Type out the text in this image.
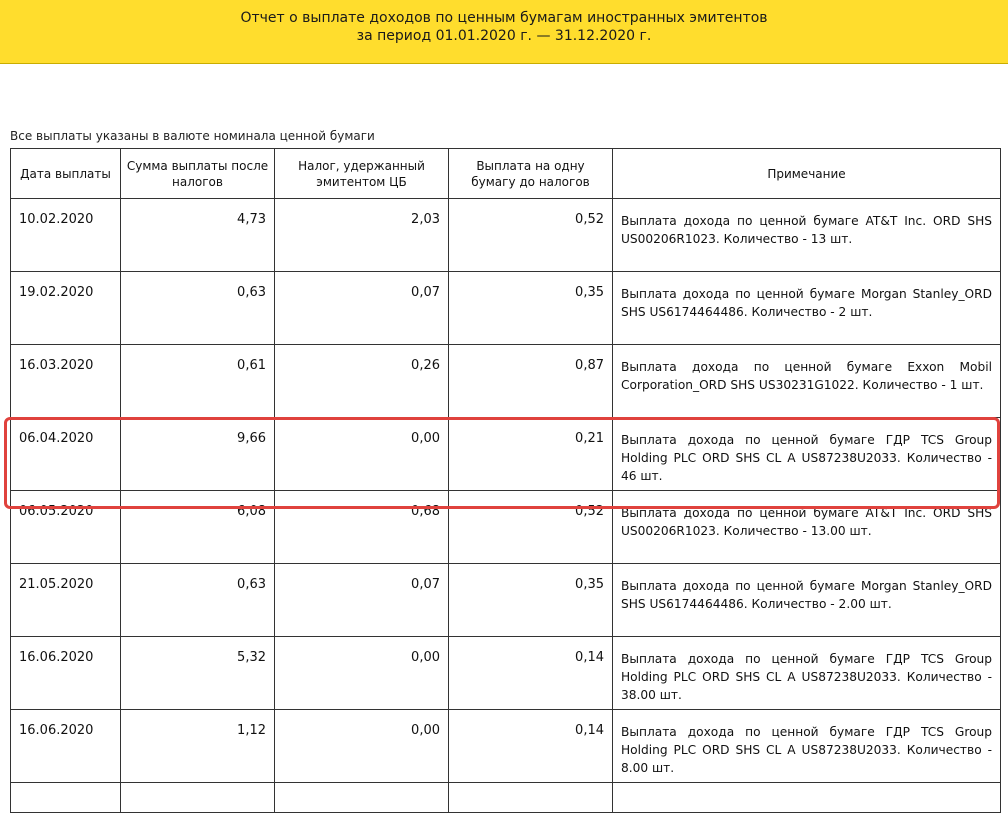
Отчет о выплате доходов по ценным бумагам иностранных эмитентов
за период 01.01.2020 г. — 31.12.2020 г.
Все выплаты указаны в валюте номинала ценной бумаги
Дата выплаты	Сумма выплаты после налогов	Налог, удержанный эмитентом ЦБ	Выплата на одну бумагу до налогов	Примечание
10.02.2020	4,73	2,03	0,52	Выплата дохода по ценной бумаге AT&T Inc. ORD SHS US00206R1023. Количество - 13 шт.
19.02.2020	0,63	0,07	0,35	Выплата дохода по ценной бумаге Morgan Stanley_ORD SHS US6174464486. Количество - 2 шт.
16.03.2020	0,61	0,26	0,87	Выплата дохода по ценной бумаге Exxon Mobil Corporation_ORD SHS US30231G1022. Количество - 1 шт.
06.04.2020	9,66	0,00	0,21	Выплата дохода по ценной бумаге ГДР TCS Group Holding PLC ORD SHS CL A US87238U2033. Количество - 46 шт.
06.05.2020	6,08	0,68	0,52	Выплата дохода по ценной бумаге AT&T Inc. ORD SHS US00206R1023. Количество - 13.00 шт.
21.05.2020	0,63	0,07	0,35	Выплата дохода по ценной бумаге Morgan Stanley_ORD SHS US6174464486. Количество - 2.00 шт.
16.06.2020	5,32	0,00	0,14	Выплата дохода по ценной бумаге ГДР TCS Group Holding PLC ORD SHS CL A US87238U2033. Количество - 38.00 шт.
16.06.2020	1,12	0,00	0,14	Выплата дохода по ценной бумаге ГДР TCS Group Holding PLC ORD SHS CL A US87238U2033. Количество - 8.00 шт.
